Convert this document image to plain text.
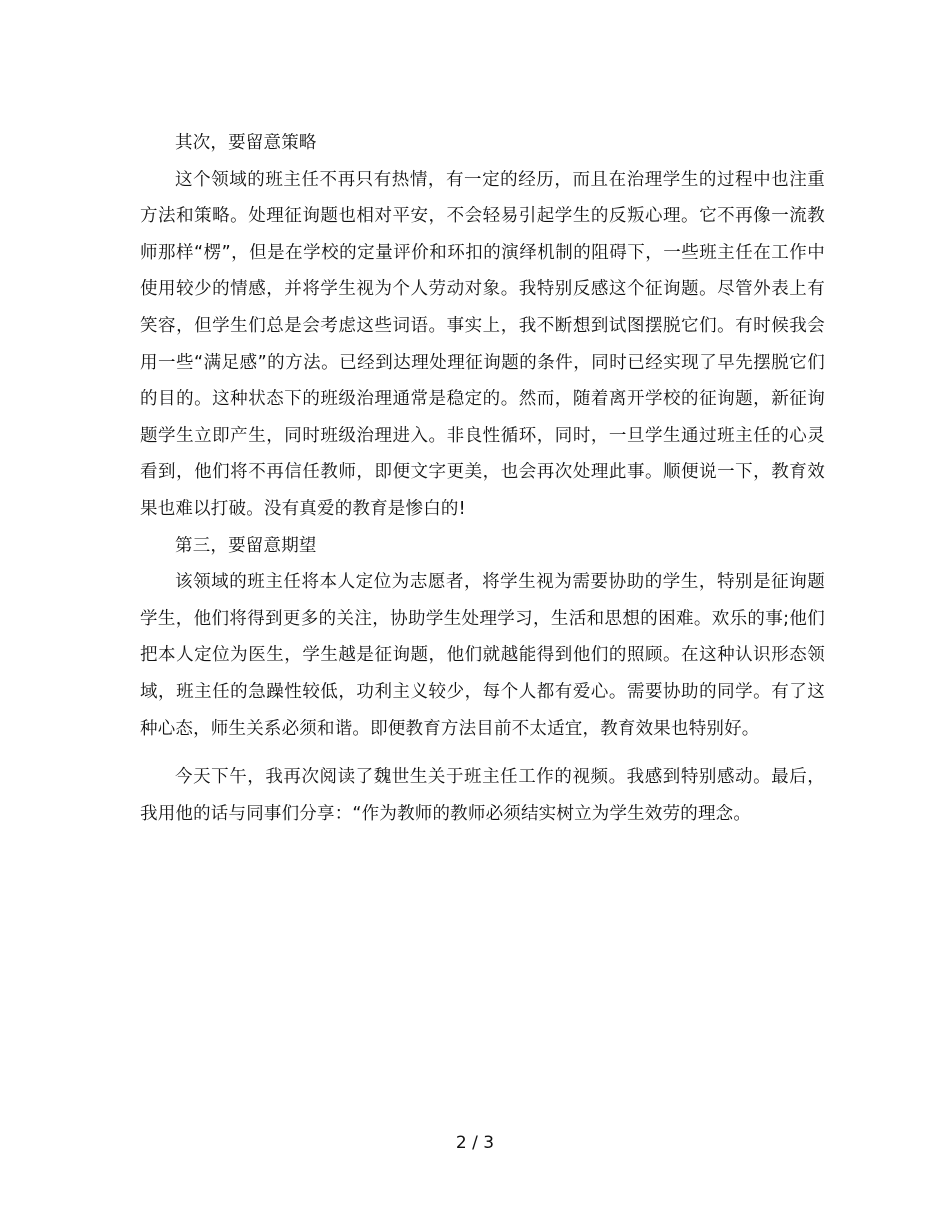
其次，要留意策略

这个领域的班主任不再只有热情，有一定的经历，而且在治理学生的过程中也注重方法和策略。处理征询题也相对平安，不会轻易引起学生的反叛心理。它不再像一流教师那样“楞”，但是在学校的定量评价和环扣的演绎机制的阻碍下，一些班主任在工作中使用较少的情感，并将学生视为个人劳动对象。我特别反感这个征询题。尽管外表上有笑容，但学生们总是会考虑这些词语。事实上，我不断想到试图摆脱它们。有时候我会用一些“满足感”的方法。已经到达理处理征询题的条件，同时已经实现了早先摆脱它们的目的。这种状态下的班级治理通常是稳定的。然而，随着离开学校的征询题，新征询题学生立即产生，同时班级治理进入。非良性循环，同时，一旦学生通过班主任的心灵看到，他们将不再信任教师，即便文字更美，也会再次处理此事。顺便说一下，教育效果也难以打破。没有真爱的教育是惨白的!

第三，要留意期望

该领域的班主任将本人定位为志愿者，将学生视为需要协助的学生，特别是征询题学生，他们将得到更多的关注，协助学生处理学习，生活和思想的困难。欢乐的事;他们把本人定位为医生，学生越是征询题，他们就越能得到他们的照顾。在这种认识形态领域，班主任的急躁性较低，功利主义较少，每个人都有爱心。需要协助的同学。有了这种心态，师生关系必须和谐。即便教育方法目前不太适宜，教育效果也特别好。

今天下午，我再次阅读了魏世生关于班主任工作的视频。我感到特别感动。最后，我用他的话与同事们分享：“作为教师的教师必须结实树立为学生效劳的理念。

2 / 3
